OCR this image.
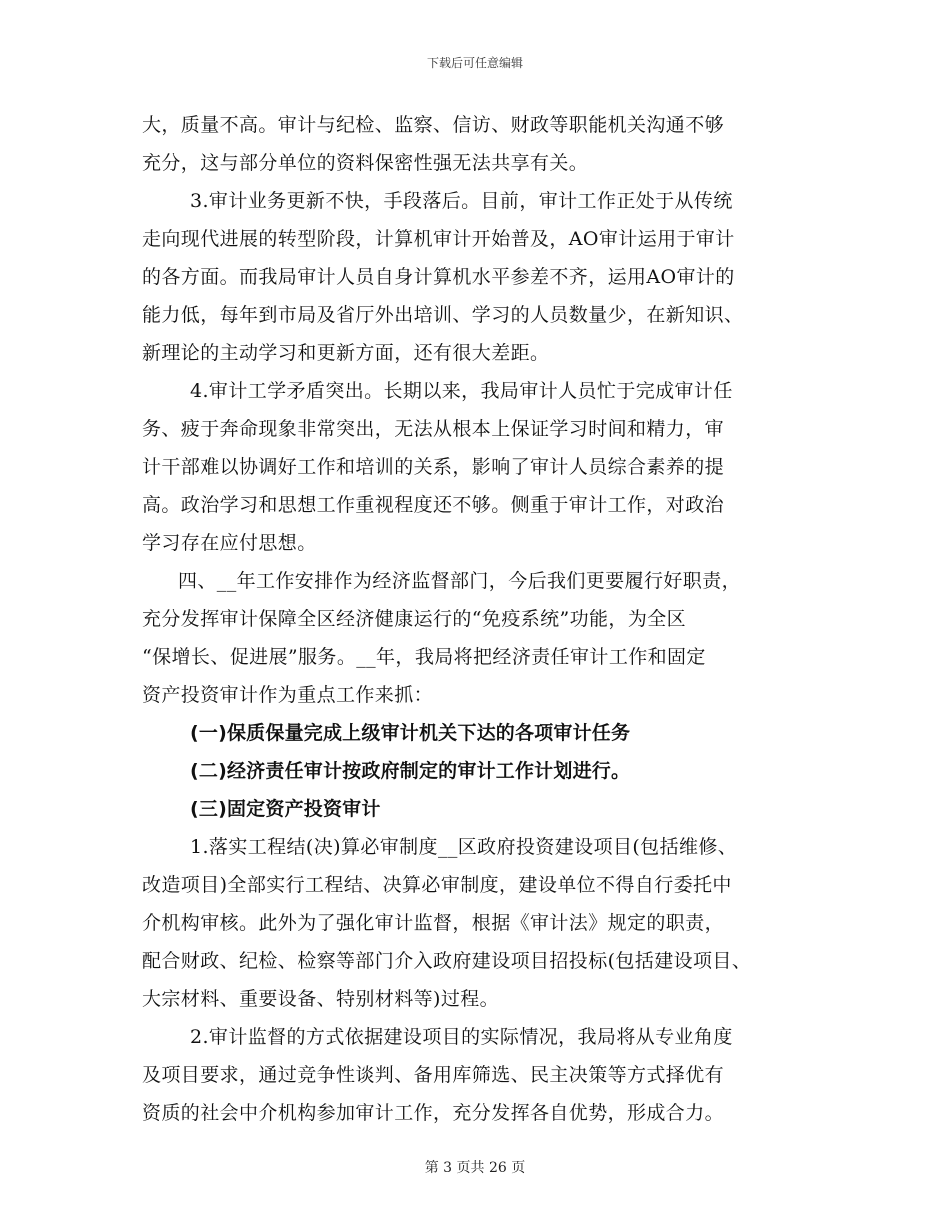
下载后可任意编辑
大，质量不高。审计与纪检、监察、信访、财政等职能机关沟通不够
充分，这与部分单位的资料保密性强无法共享有关。
3.审计业务更新不快，手段落后。目前，审计工作正处于从传统
走向现代进展的转型阶段，计算机审计开始普及，AO审计运用于审计
的各方面。而我局审计人员自身计算机水平参差不齐，运用AO审计的
能力低，每年到市局及省厅外出培训、学习的人员数量少，在新知识、
新理论的主动学习和更新方面，还有很大差距。
4.审计工学矛盾突出。长期以来，我局审计人员忙于完成审计任
务、疲于奔命现象非常突出，无法从根本上保证学习时间和精力，审
计干部难以协调好工作和培训的关系，影响了审计人员综合素养的提
高。政治学习和思想工作重视程度还不够。侧重于审计工作，对政治
学习存在应付思想。
四、__年工作安排作为经济监督部门，今后我们更要履行好职责，
充分发挥审计保障全区经济健康运行的“免疫系统”功能，为全区
“保增长、促进展”服务。__年，我局将把经济责任审计工作和固定
资产投资审计作为重点工作来抓：
(一)保质保量完成上级审计机关下达的各项审计任务
(二)经济责任审计按政府制定的审计工作计划进行。
(三)固定资产投资审计
1.落实工程结(决)算必审制度__区政府投资建设项目(包括维修、
改造项目)全部实行工程结、决算必审制度，建设单位不得自行委托中
介机构审核。此外为了强化审计监督，根据《审计法》规定的职责，
配合财政、纪检、检察等部门介入政府建设项目招投标(包括建设项目、
大宗材料、重要设备、特别材料等)过程。
2.审计监督的方式依据建设项目的实际情况，我局将从专业角度
及项目要求，通过竞争性谈判、备用库筛选、民主决策等方式择优有
资质的社会中介机构参加审计工作，充分发挥各自优势，形成合力。
第 3 页共 26 页
